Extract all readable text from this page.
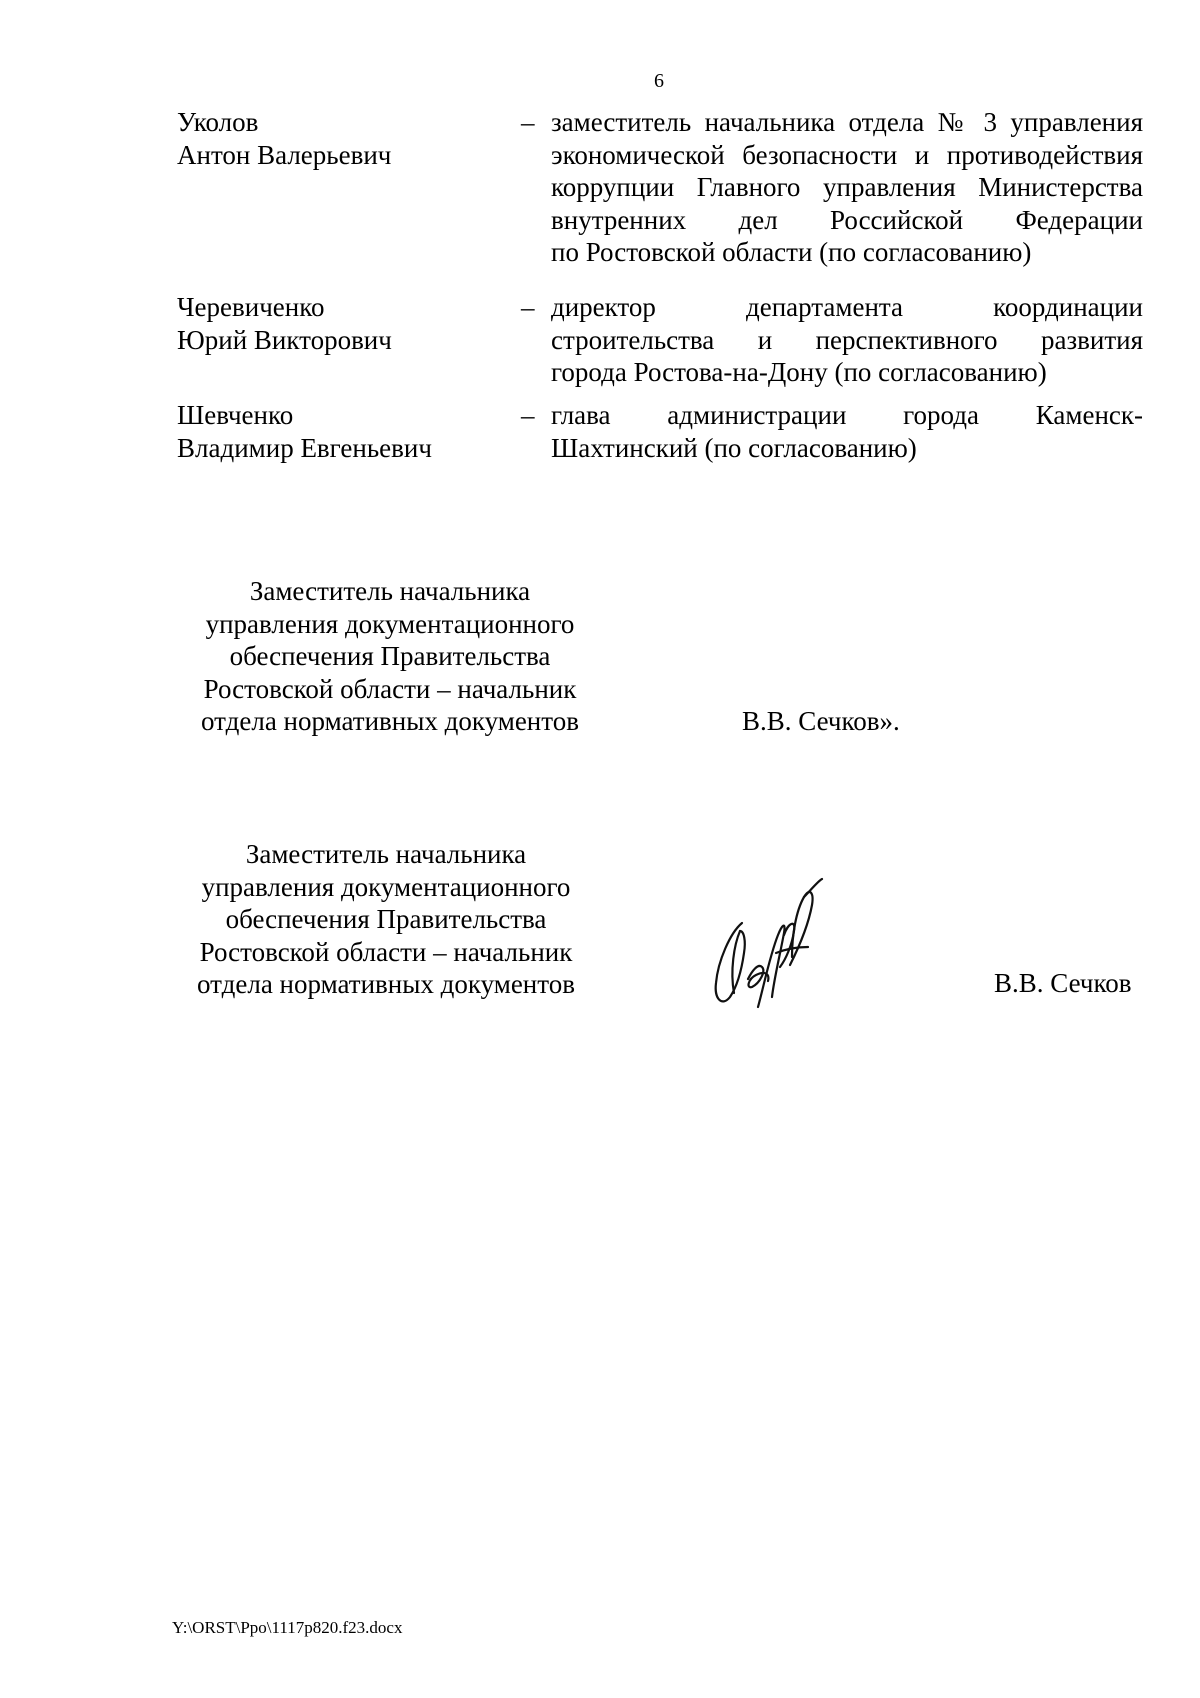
6
Уколов
Антон Валерьевич
– заместитель начальника отдела № 3 управления
экономической безопасности и противодействия
коррупции Главного управления Министерства
внутренних дел Российской Федерации
по Ростовской области (по согласованию)
Черевиченко
Юрий Викторович
– директор департамента координации
строительства и перспективного развития
города Ростова-на-Дону (по согласованию)
Шевченко
Владимир Евгеньевич
– глава администрации города Каменск-
Шахтинский (по согласованию)
Заместитель начальника
управления документационного
обеспечения Правительства
Ростовской области – начальник
отдела нормативных документов	В.В. Сечков».
Заместитель начальника
управления документационного
обеспечения Правительства
Ростовской области – начальник
отдела нормативных документов	В.В. Сечков
Y:\ORST\Ppo\1117p820.f23.docx
